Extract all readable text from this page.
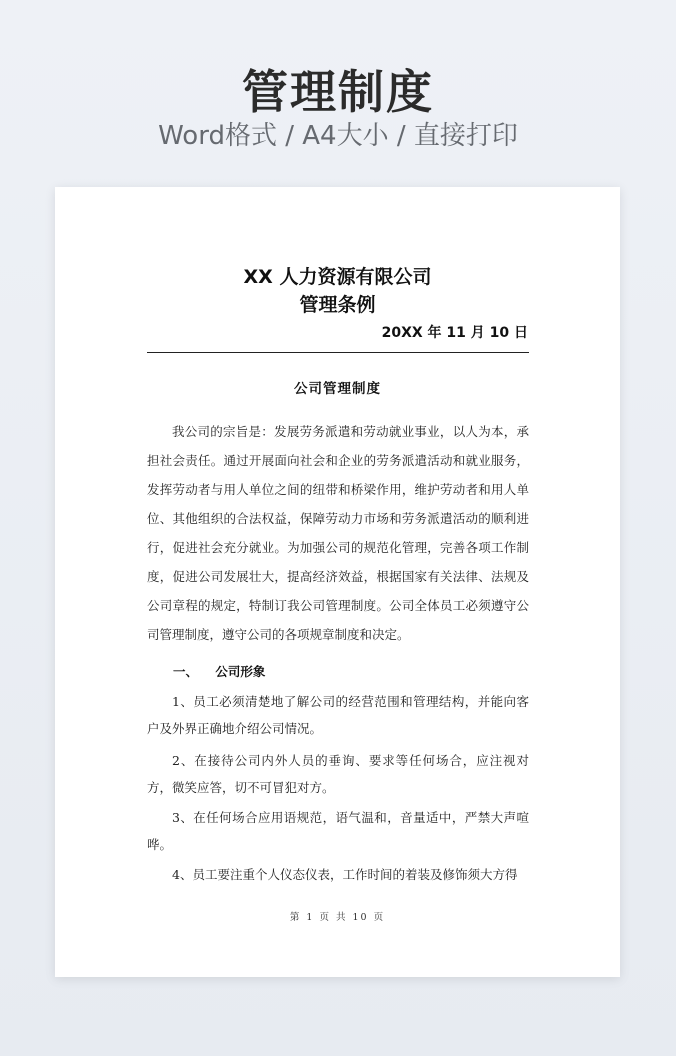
管理制度
Word格式 / A4大小 / 直接打印
XX 人力资源有限公司
管理条例
20XX 年 11 月 10 日
公司管理制度

我公司的宗旨是：发展劳务派遣和劳动就业事业，以人为本，承担社会责任。通过开展面向社会和企业的劳务派遣活动和就业服务，发挥劳动者与用人单位之间的纽带和桥梁作用，维护劳动者和用人单位、其他组织的合法权益，保障劳动力市场和劳务派遣活动的顺利进行，促进社会充分就业。为加强公司的规范化管理，完善各项工作制度，促进公司发展壮大，提高经济效益，根据国家有关法律、法规及公司章程的规定，特制订我公司管理制度。公司全体员工必须遵守公司管理制度，遵守公司的各项规章制度和决定。

一、    公司形象

1、员工必须清楚地了解公司的经营范围和管理结构，并能向客户及外界正确地介绍公司情况。

2、在接待公司内外人员的垂询、要求等任何场合，应注视对方，微笑应答，切不可冒犯对方。

3、在任何场合应用语规范，语气温和，音量适中，严禁大声喧哗。

4、员工要注重个人仪态仪表，工作时间的着装及修饰须大方得

第 1 页 共 10 页
